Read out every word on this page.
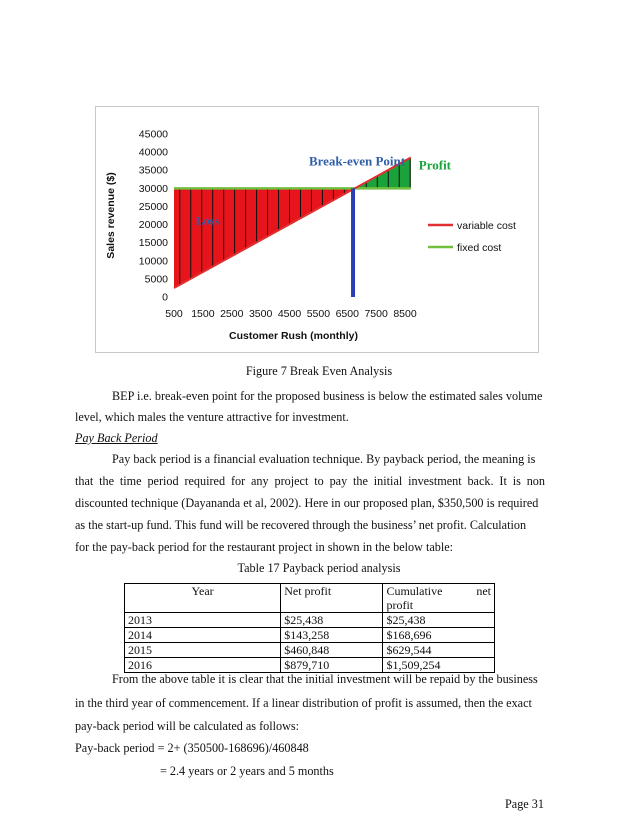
45000
40000
35000
30000
25000
20000
15000
10000
5000
0
500 1500 2500 3500 4500 5500 6500 7500 8500
Customer Rush (monthly)
Sales revenue ($)
Break-even Point Profit
Loss	variable cost
fixed cost
Figure 7 Break Even Analysis
BEP i.e. break-even point for the proposed business is below the estimated sales volume
level, which males the venture attractive for investment.
Pay Back Period
Pay back period is a financial evaluation technique. By payback period, the meaning is
that the time period required for any project to pay the initial investment back. It is non
discounted technique (Dayananda et al, 2002). Here in our proposed plan, $350,500 is required
as the start-up fund. This fund will be recovered through the business’ net profit. Calculation
for the pay-back period for the restaurant project in shown in the below table:
Table 17 Payback period analysis
Year	Net profit	Cumulative net
profit

2013	$25,438	$25,438
2014	$143,258	$168,696
2015	$460,848	$629,544
2016	$879,710	$1,509,254
From the above table it is clear that the initial investment will be repaid by the business
in the third year of commencement. If a linear distribution of profit is assumed, then the exact
pay-back period will be calculated as follows:
Pay-back period = 2+ (350500-168696)/460848
= 2.4 years or 2 years and 5 months
Page 31
